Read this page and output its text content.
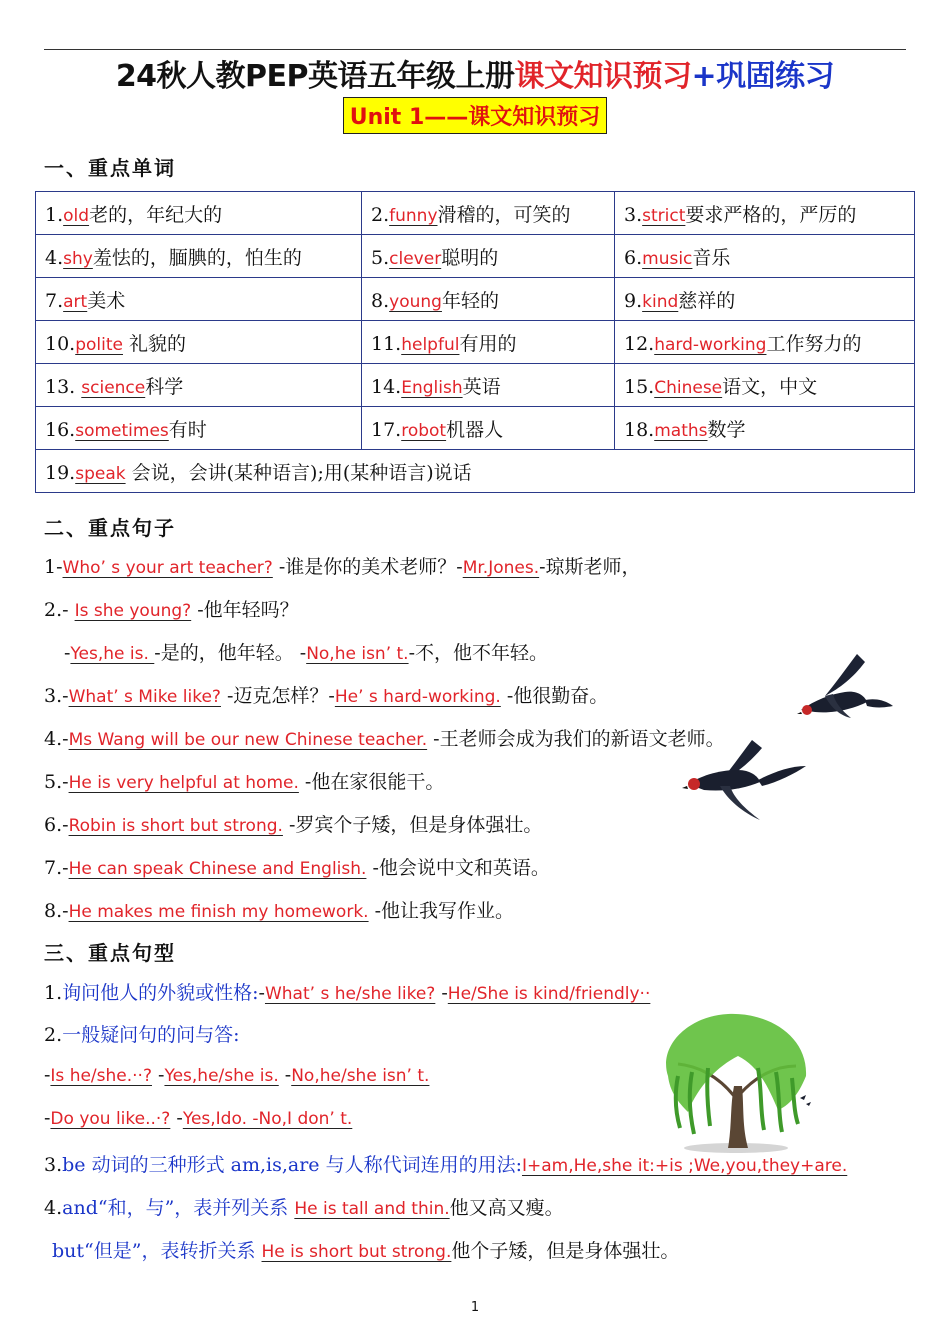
24秋人教PEP英语五年级上册课文知识预习+巩固练习
Unit 1——课文知识预习
一、重点单词
1.old老的，年纪大的	2.funny滑稽的，可笑的	3.strict要求严格的，严厉的
4.shy羞怯的，腼腆的，怕生的	5.clever聪明的	6.music音乐
7.art美术	8.young年轻的	9.kind慈祥的
10.polite 礼貌的	11.helpful有用的	12.hard-working工作努力的
13. science科学	14.English英语	15.Chinese语文，中文
16.sometimes有时	17.robot机器人	18.maths数学
19.speak 会说，会讲(某种语言);用(某种语言)说话		
二、重点句子
1-Who’ s your art teacher? -谁是你的美术老师？-Mr.Jones.-琼斯老师，
2.- Is she young? -他年轻吗？
-Yes,he is. -是的，他年轻。 -No,he isn’ t.-不，他不年轻。
3.-What’ s Mike like? -迈克怎样？-He’ s hard-working. -他很勤奋。
4.-Ms Wang will be our new Chinese teacher. -王老师会成为我们的新语文老师。
5.-He is very helpful at home. -他在家很能干。
6.-Robin is short but strong. -罗宾个子矮，但是身体强壮。
7.-He can speak Chinese and English. -他会说中文和英语。
8.-He makes me finish my homework. -他让我写作业。
三、重点句型
1.询问他人的外貌或性格:-What’ s he/she like? -He/She is kind/friendly··
2.一般疑问句的问与答:
-Is he/she.··? -Yes,he/she is. -No,he/she isn’ t.
-Do you like..·? -Yes,Ido. -No,I don’ t.
3.be 动词的三种形式 am,is,are 与人称代词连用的用法:I+am,He,she it:+is ;We,you,they+are.
4.and“和，与”，表并列关系 He is tall and thin.他又高又瘦。
but“但是”，表转折关系 He is short but strong.他个子矮，但是身体强壮。
1
